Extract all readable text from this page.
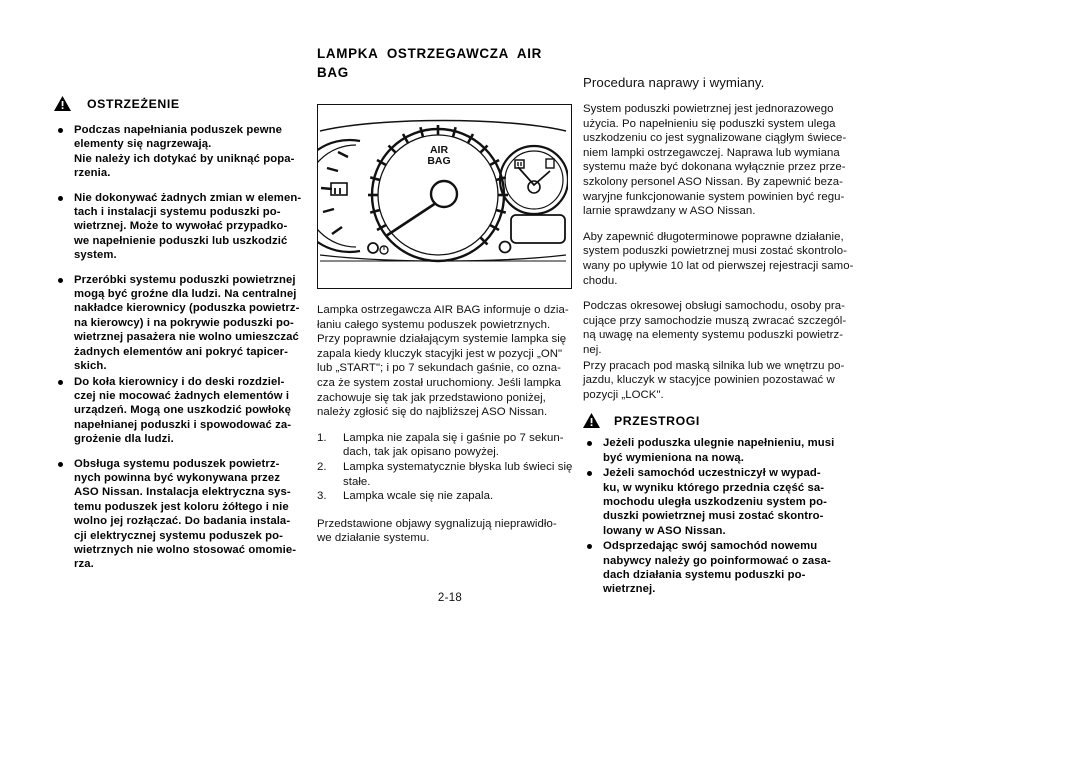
OSTRZEŻENIE
Podczas napełniania poduszek pewne
elementy się nagrzewają.
Nie należy ich dotykać by uniknąć popa-
rzenia.
Nie dokonywać żadnych zmian w elemen-
tach i instalacji systemu poduszki po-
wietrznej. Może to wywołać przypadko-
we napełnienie poduszki lub uszkodzić
system.
Przeróbki systemu poduszki powietrznej
mogą być groźne dla ludzi. Na centralnej
nakładce kierownicy (poduszka powietrz-
na kierowcy) i na pokrywie poduszki po-
wietrznej pasażera nie wolno umieszczać
żadnych elementów ani pokryć tapicer-
skich.
Do koła kierownicy i do deski rozdziel-
czej nie mocować żadnych elementów i
urządzeń. Mogą one uszkodzić powłokę
napełnianej poduszki i spowodować za-
grożenie dla ludzi.
Obsługa systemu poduszek powietrz-
nych powinna być wykonywana przez
ASO Nissan. Instalacja elektryczna sys-
temu poduszek jest koloru żółtego i nie
wolno jej rozłączać. Do badania instala-
cji elektrycznej systemu poduszek po-
wietrznych nie wolno stosować omomie-
rza.
LAMPKA  OSTRZEGAWCZA  AIR
BAG
AIR
BAG
Lampka ostrzegawcza AIR BAG informuje o dzia-
łaniu całego systemu poduszek powietrznych.
Przy poprawnie działającym systemie lampka się
zapala kiedy kluczyk stacyjki jest w pozycji „ON"
lub „START"; i po 7 sekundach gaśnie, co ozna-
cza że system został uruchomiony. Jeśli lampka
zachowuje się tak jak przedstawiono poniżej,
należy zgłosić się do najbliższej ASO Nissan.
1.	Lampka nie zapala się i gaśnie po 7 sekun-
dach, tak jak opisano powyżej.
2.	Lampka systematycznie błyska lub świeci się
stałe.
3.	Lampka wcale się nie zapala.
Przedstawione objawy sygnalizują nieprawidło-
we działanie systemu.
2-18
Procedura naprawy i wymiany.
System poduszki powietrznej jest jednorazowego
użycia. Po napełnieniu się poduszki system ulega
uszkodzeniu co jest sygnalizowane ciągłym świece-
niem lampki ostrzegawczej. Naprawa lub wymiana
systemu maże być dokonana wyłącznie przez prze-
szkolony personel ASO Nissan. By zapewnić beza-
waryjne funkcjonowanie system powinien być regu-
larnie sprawdzany w ASO Nissan.
Aby zapewnić długoterminowe poprawne działanie,
system poduszki powietrznej musi zostać skontrolo-
wany po upływie 10 lat od pierwszej rejestracji samo-
chodu.
Podczas okresowej obsługi samochodu, osoby pra-
cujące przy samochodzie muszą zwracać szczegól-
ną uwagę na elementy systemu poduszki powietrz-
nej.
Przy pracach pod maską silnika lub we wnętrzu po-
jazdu, kluczyk w stacyjce powinien pozostawać w
pozycji „LOCK".
PRZESTROGI
Jeżeli poduszka ulegnie napełnieniu, musi
być wymieniona na nową.
Jeżeli samochód uczestniczył w wypad-
ku, w wyniku którego przednia część sa-
mochodu uległa uszkodzeniu system po-
duszki powietrznej musi zostać skontro-
lowany w ASO Nissan.
Odsprzedając swój samochód nowemu
nabywcy należy go poinformować o zasa-
dach działania systemu poduszki po-
wietrznej.
